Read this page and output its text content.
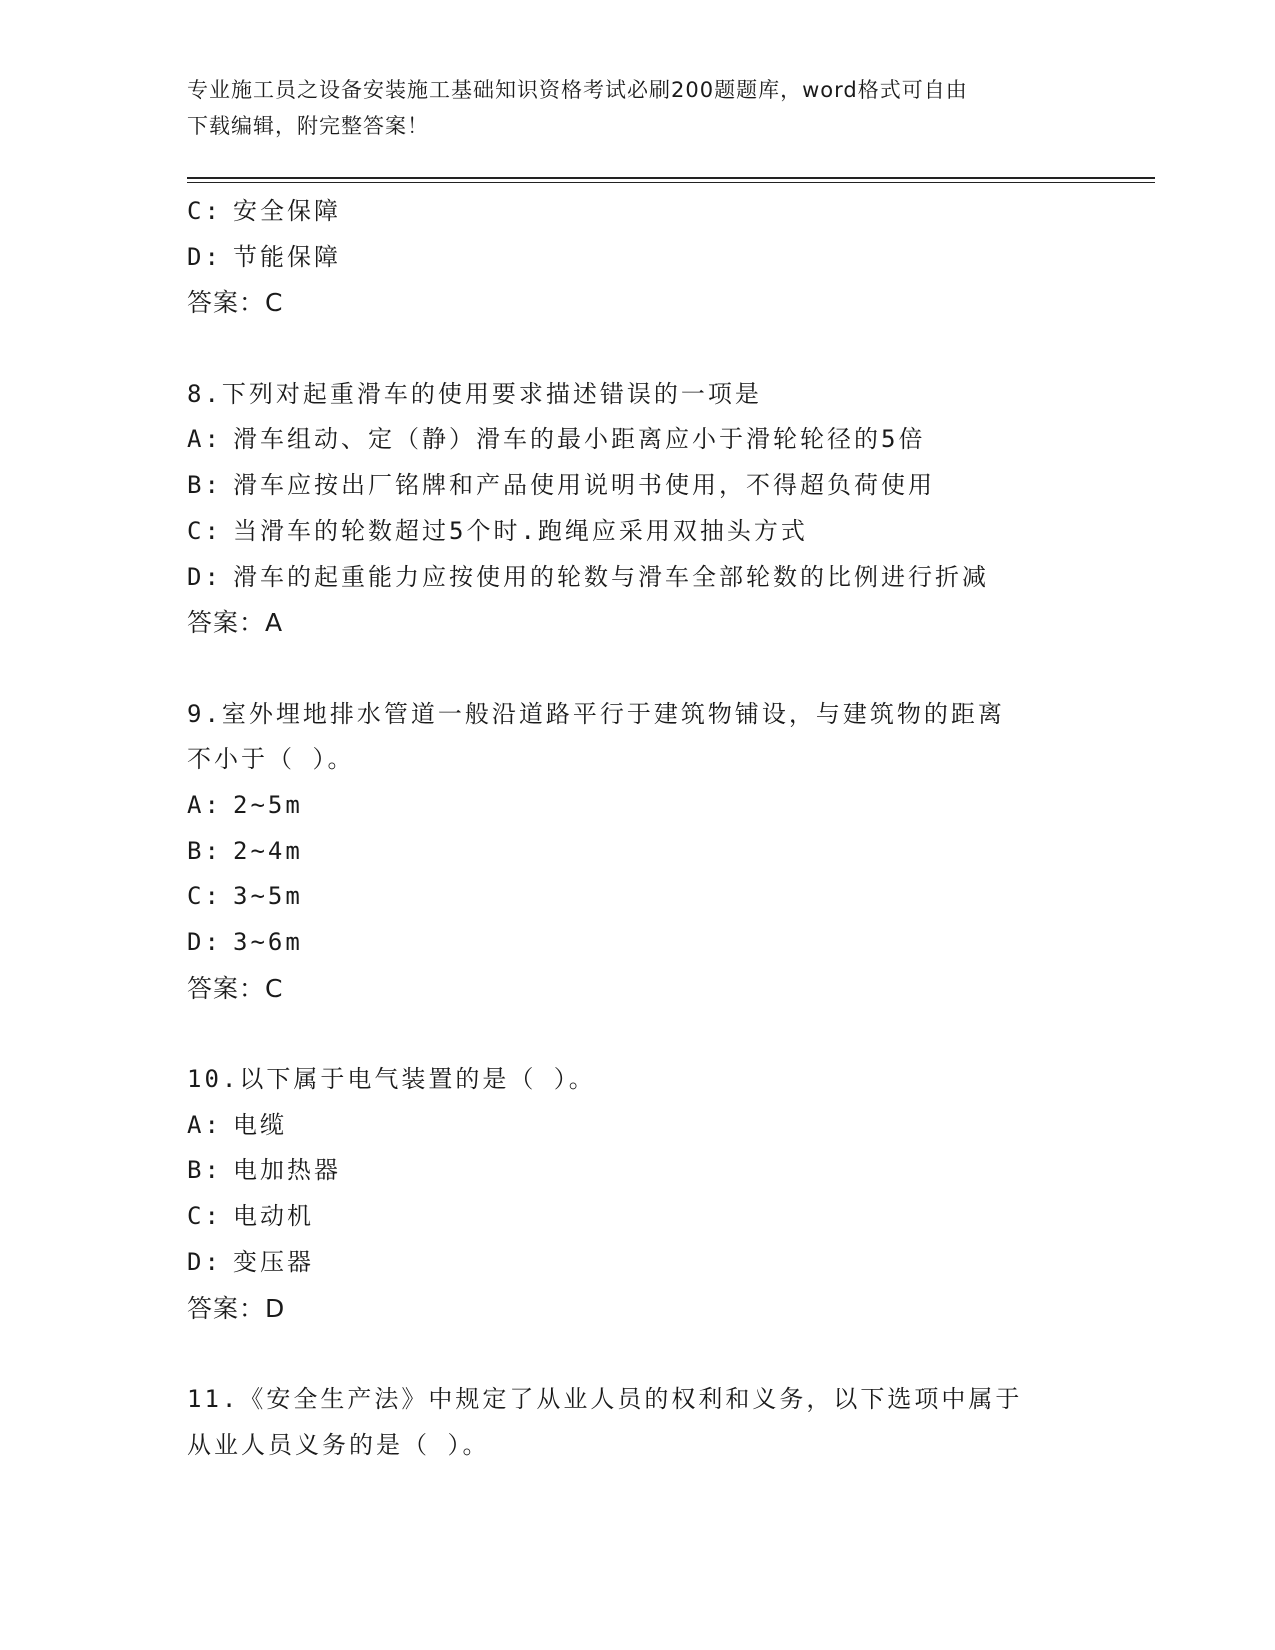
专业施工员之设备安装施工基础知识资格考试必刷200题题库，word格式可自由
下载编辑，附完整答案！
C: 安全保障
D: 节能保障
答案：C
8.下列对起重滑车的使用要求描述错误的一项是
A: 滑车组动、定（静）滑车的最小距离应小于滑轮轮径的5倍
B: 滑车应按出厂铭牌和产品使用说明书使用，不得超负荷使用
C: 当滑车的轮数超过5个时.跑绳应采用双抽头方式
D: 滑车的起重能力应按使用的轮数与滑车全部轮数的比例进行折减
答案：A
9.室外埋地排水管道一般沿道路平行于建筑物铺设，与建筑物的距离
不小于（ ）。
A: 2~5m
B: 2~4m
C: 3~5m
D: 3~6m
答案：C
10.以下属于电气装置的是（ ）。
A: 电缆
B: 电加热器
C: 电动机
D: 变压器
答案：D
11.《安全生产法》中规定了从业人员的权利和义务，以下选项中属于
从业人员义务的是（ ）。
